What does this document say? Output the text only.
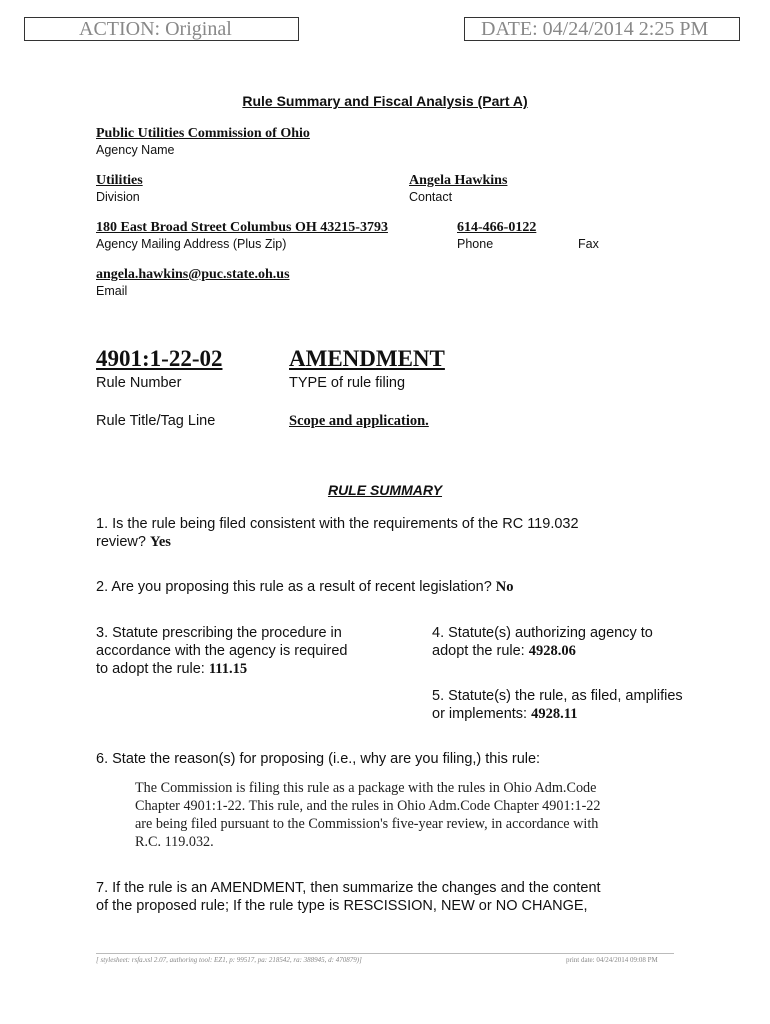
ACTION: Original	DATE: 04/24/2014 2:25 PM
Rule Summary and Fiscal Analysis (Part A)
Public Utilities Commission of Ohio
Agency Name
Utilities
Division
Angela Hawkins
Contact
180 East Broad Street Columbus OH 43215-3793
Agency Mailing Address (Plus Zip)
614-466-0122
Phone	Fax
angela.hawkins@puc.state.oh.us
Email
4901:1-22-02
Rule Number
AMENDMENT
TYPE of rule filing
Rule Title/Tag Line	Scope and application.
RULE SUMMARY
1. Is the rule being filed consistent with the requirements of the RC 119.032
review? Yes
2. Are you proposing this rule as a result of recent legislation? No
3. Statute prescribing the procedure in
accordance with the agency is required
to adopt the rule: 111.15
4. Statute(s) authorizing agency to
adopt the rule: 4928.06
5. Statute(s) the rule, as filed, amplifies
or implements: 4928.11
6. State the reason(s) for proposing (i.e., why are you filing,) this rule:
The Commission is filing this rule as a package with the rules in Ohio Adm.Code
Chapter 4901:1-22. This rule, and the rules in Ohio Adm.Code Chapter 4901:1-22
are being filed pursuant to the Commission's five-year review, in accordance with
R.C. 119.032.
7. If the rule is an AMENDMENT, then summarize the changes and the content
of the proposed rule; If the rule type is RESCISSION, NEW or NO CHANGE,
[ stylesheet: rsfa.xsl 2.07, authoring tool: EZ1, p: 99517, pa: 218542, ra: 388945, d: 470879)]	print date: 04/24/2014 09:08 PM
